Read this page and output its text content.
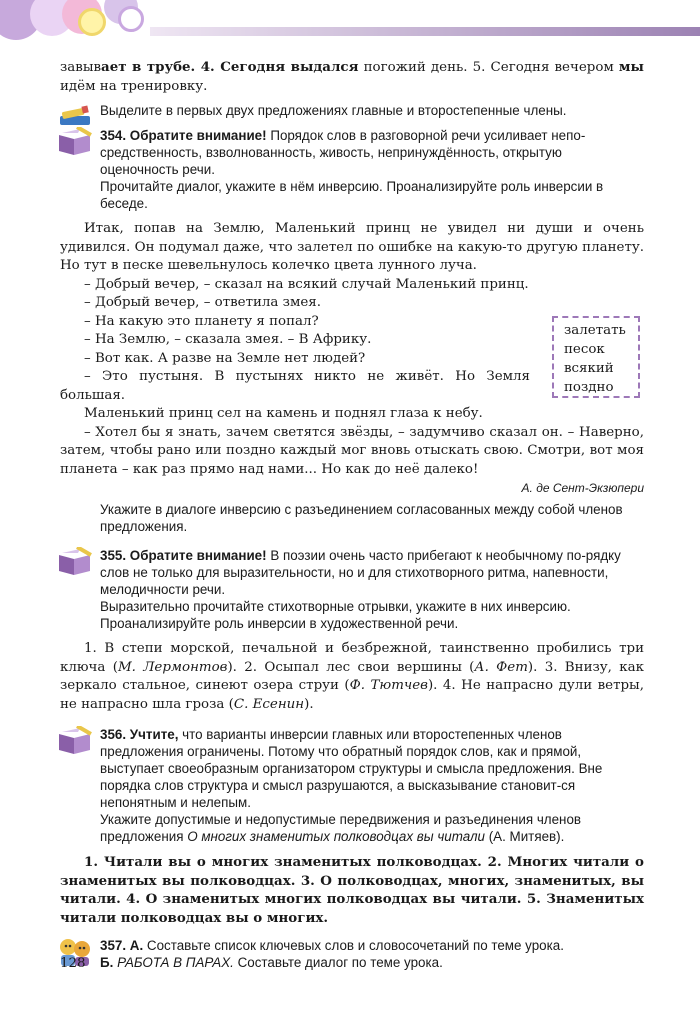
завывает в трубе. 4. Сегодня выдался погожий день. 5. Сегодня вечером мы идём на тренировку.

Выделите в первых двух предложениях главные и второстепенные члены.

354. Обратите внимание! Порядок слов в разговорной речи усиливает непо-средственность, взволнованность, живость, непринуждённость, открытую оценочность речи.

Прочитайте диалог, укажите в нём инверсию. Проанализируйте роль инверсии в беседе.

Итак, попав на Землю, Маленький принц не увидел ни души и очень удивился. Он подумал даже, что залетел по ошибке на какую-то другую планету. Но тут в песке шевельнулось колечко цвета лунного луча.

– Добрый вечер, – сказал на всякий случай Маленький принц.

– Добрый вечер, – ответила змея.

– На какую это планету я попал?

– На Землю, – сказала змея. – В Африку.

– Вот как. А разве на Земле нет людей?

– Это пустыня. В пустынях никто не живёт. Но Земля большая.

Маленький принц сел на камень и поднял глаза к небу.

– Хотел бы я знать, зачем светятся звёзды, – задумчиво сказал он. – Наверно, затем, чтобы рано или поздно каждый мог вновь отыскать свою. Смотри, вот моя планета – как раз прямо над нами... Но как до неё далеко!

А. де Сент-Экзюпери

залетать
песок
всякий
поздно

Укажите в диалоге инверсию с разъединением согласованных между собой членов предложения.

355. Обратите внимание! В поэзии очень часто прибегают к необычному по-рядку слов не только для выразительности, но и для стихотворного ритма, напевности, мелодичности речи.

Выразительно прочитайте стихотворные отрывки, укажите в них инверсию. Проанализируйте роль инверсии в художественной речи.

1. В степи морской, печальной и безбрежной, таинственно пробились три ключа (М. Лермонтов). 2. Осыпал лес свои вершины (А. Фет). 3. Внизу, как зеркало стальное, синеют озера струи (Ф. Тютчев). 4. Не напрасно дули ветры, не напрасно шла гроза (С. Есенин).

356. Учтите, что варианты инверсии главных или второстепенных членов предложения ограничены. Потому что обратный порядок слов, как и прямой, выступает своеобразным организатором структуры и смысла предложения. Вне порядка слов структура и смысл разрушаются, а высказывание становит-ся непонятным и нелепым.

Укажите допустимые и недопустимые передвижения и разъединения членов предложения О многих знаменитых полководцах вы читали (А. Митяев).

1. Читали вы о многих знаменитых полководцах. 2. Многих читали о знаменитых вы полководцах. 3. О полководцах, многих, знаменитых, вы читали. 4. О знаменитых многих полководцах вы читали. 5. Знаменитых читали полководцах вы о многих.

357. А. Составьте список ключевых слов и словосочетаний по теме урока.

Б. РАБОТА В ПАРАХ. Составьте диалог по теме урока.

128
